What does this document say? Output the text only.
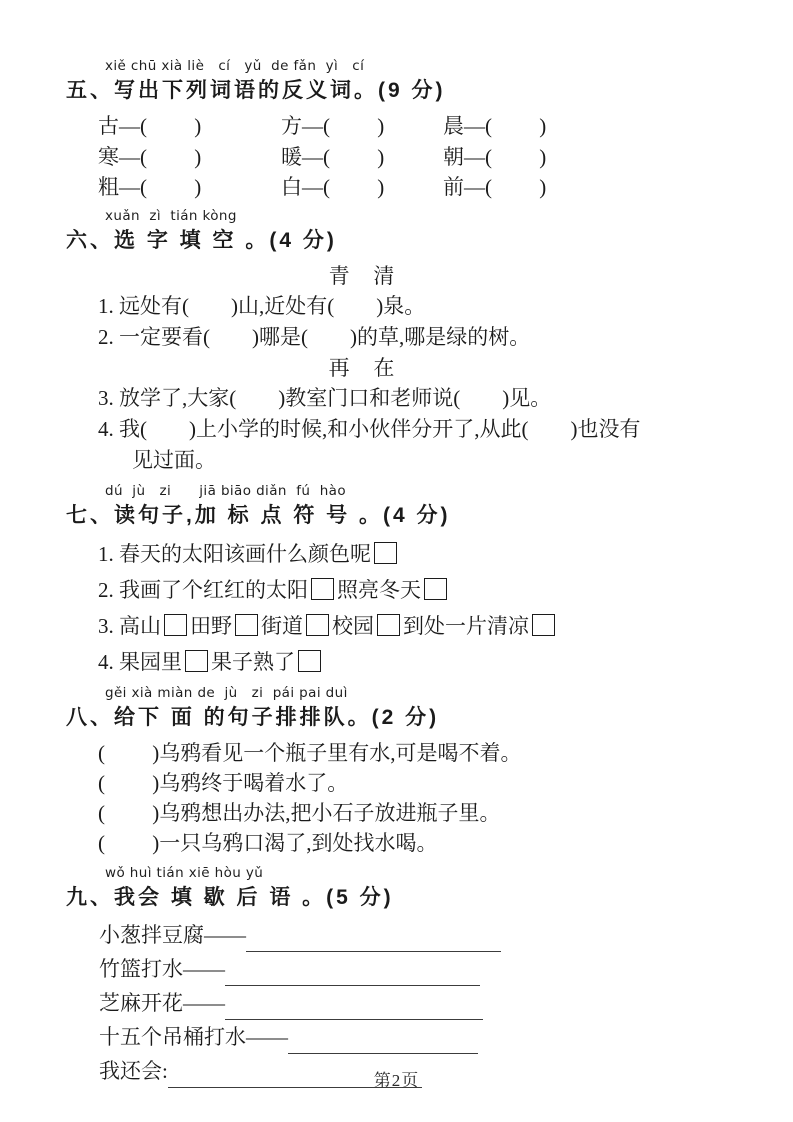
xiě chū xià liè   cí   yǔ  de fǎn  yì   cí
五、写出下列词语的反义词。(9 分)
古—(         )	方—(         )	晨—(         )
寒—(         )	暖—(         )	朝—(         )
粗—(         )	白—(         )	前—(         )
xuǎn  zì  tián kòng
六、选 字 填 空 。(4 分)
青   清
1. 远处有(        )山,近处有(        )泉。
2. 一定要看(        )哪是(        )的草,哪是绿的树。
再   在
3. 放学了,大家(        )教室门口和老师说(        )见。
4. 我(        )上小学的时候,和小伙伴分开了,从此(        )也没有
见过面。
dú  jù   zi      jiā biāo diǎn  fú  hào
七、读句子,加 标 点 符 号 。(4 分)
1. 春天的太阳该画什么颜色呢
2. 我画了个红红的太阳 照亮冬天
3. 高山 田野 街道 校园 到处一片清凉
4. 果园里 果子熟了
gěi xià miàn de  jù   zi  pái pai duì
八、给下 面 的句子排排队。(2 分)
(         )乌鸦看见一个瓶子里有水,可是喝不着。
(         )乌鸦终于喝着水了。
(         )乌鸦想出办法,把小石子放进瓶子里。
(         )一只乌鸦口渴了,到处找水喝。
wǒ huì tián xiē hòu yǔ
九、我会 填 歇 后 语 。(5 分)
小葱拌豆腐——
竹篮打水——
芝麻开花——
十五个吊桶打水——
我还会:	第2页
